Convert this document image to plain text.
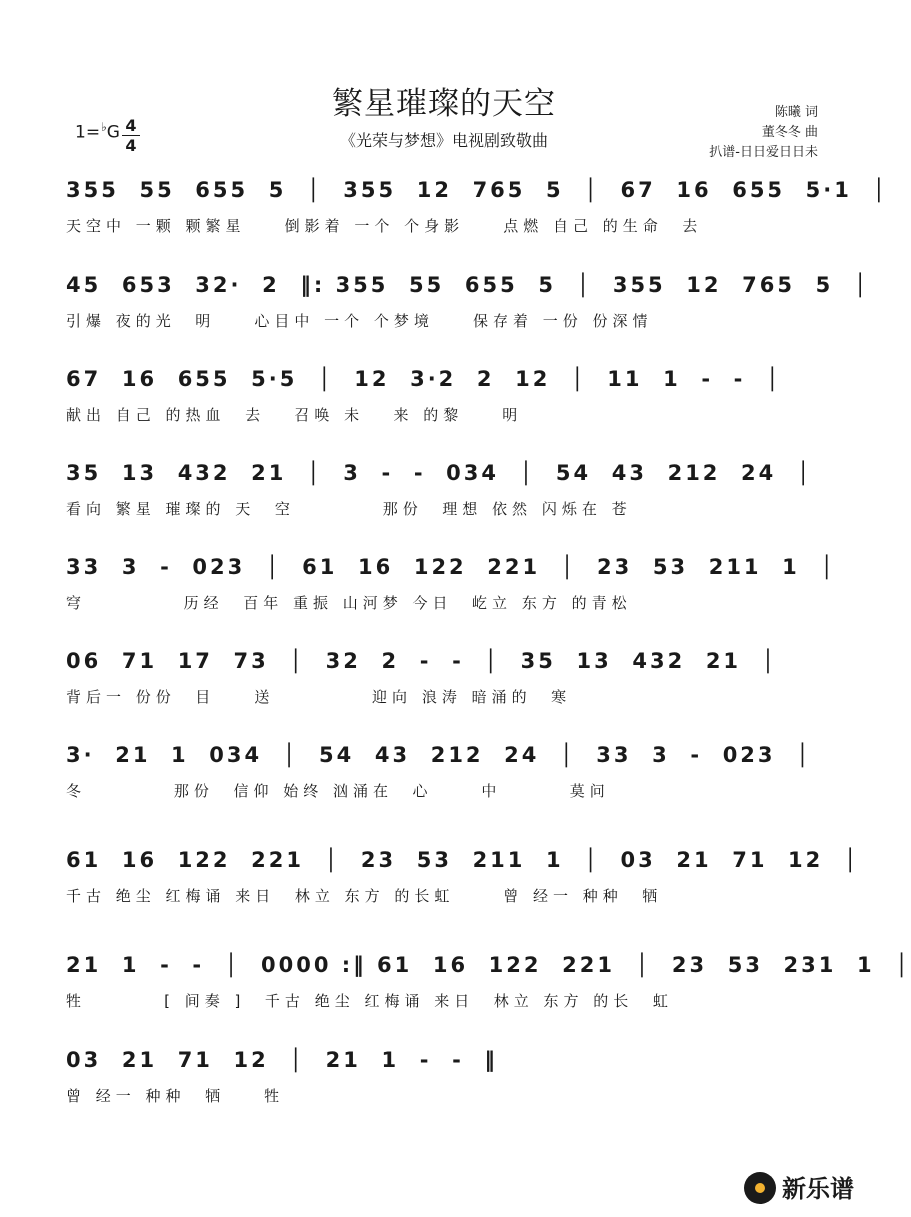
繁星璀璨的天空
《光荣与梦想》电视剧致敬曲
1=♭G 4
4
陈曦 词
董冬冬 曲
扒谱-日日爱日日未
355  55  655  5  │  355  12  765  5  │  67  16  655  5·1  │
天空中 一颗 颗繁星    倒影着 一个 个身影    点燃 自己 的生命  去
45  653  32·  2  ‖: 355  55  655  5  │  355  12  765  5  │
引爆 夜的光  明    心目中 一个 个梦境    保存着 一份 份深情
67  16  655  5·5  │  12  3·2  2  12  │  11  1  -  -  │
献出 自己 的热血  去   召唤 未   来 的黎    明
35  13  432  21  │  3  -  -  034  │  54  43  212  24  │
看向 繁星 璀璨的 天  空         那份  理想 依然 闪烁在 苍
33  3  -  023  │  61  16  122  221  │  23  53  211  1  │
穹          历经  百年 重振 山河梦 今日  屹立 东方 的青松
06  71  17  73  │  32  2  -  -  │  35  13  432  21  │
背后一 份份  目    送          迎向 浪涛 暗涌的  寒
3·  21  1  034  │  54  43  212  24  │  33  3  -  023  │
冬         那份  信仰 始终 汹涌在  心     中       莫问
61  16  122  221  │  23  53  211  1  │  03  21  71  12  │
千古 绝尘 红梅诵 来日  林立 东方 的长虹     曾 经一 种种  牺
21  1  -  -  │  0000 :‖ 61  16  122  221  │  23  53  231  1  │
牲        [ 间奏 ]  千古 绝尘 红梅诵 来日  林立 东方 的长  虹
03  21  71  12  │  21  1  -  -  ‖
曾 经一 种种  牺    牲
新乐谱
